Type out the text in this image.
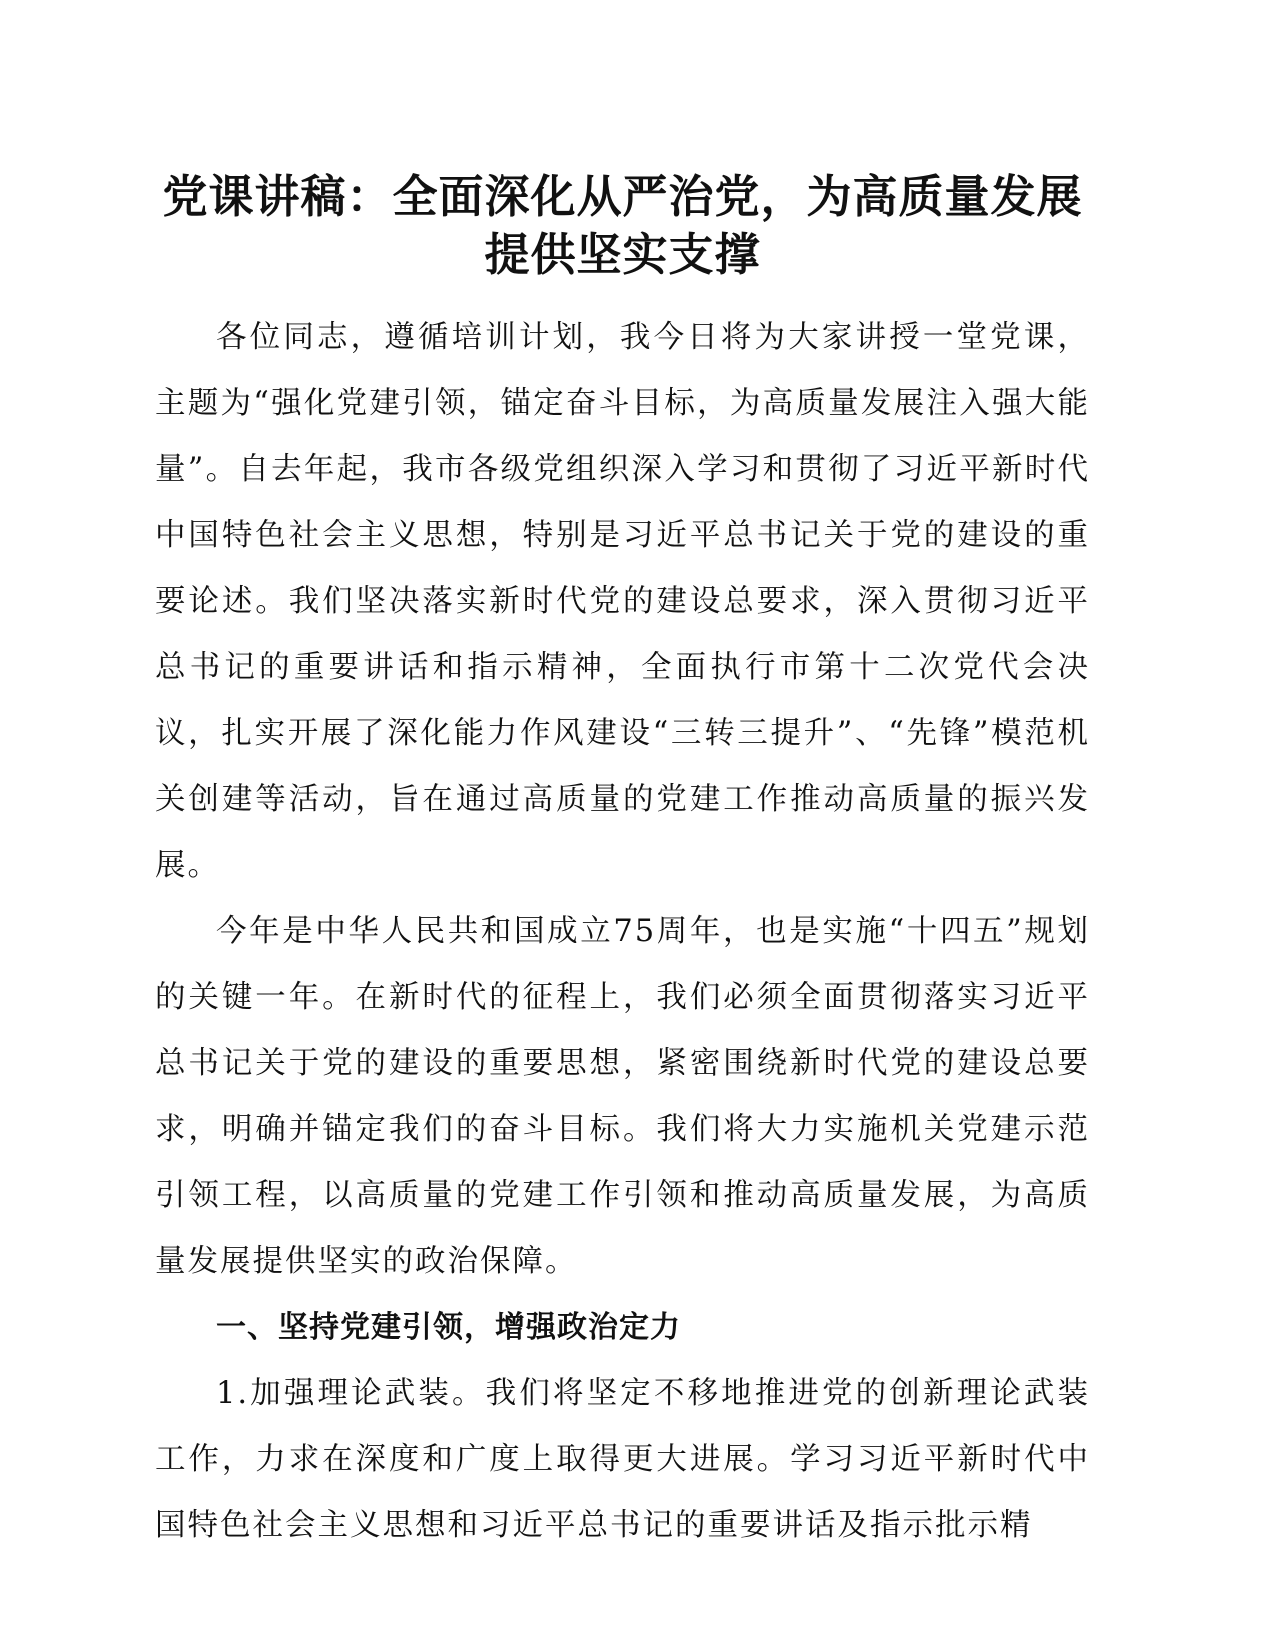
党课讲稿：全面深化从严治党，为高质量发展
提供坚实支撑

各位同志，遵循培训计划，我今日将为大家讲授一堂党课，主题为“强化党建引领，锚定奋斗目标，为高质量发展注入强大能量”。自去年起，我市各级党组织深入学习和贯彻了习近平新时代中国特色社会主义思想，特别是习近平总书记关于党的建设的重要论述。我们坚决落实新时代党的建设总要求，深入贯彻习近平总书记的重要讲话和指示精神，全面执行市第十二次党代会决议，扎实开展了深化能力作风建设“三转三提升”、“先锋”模范机关创建等活动，旨在通过高质量的党建工作推动高质量的振兴发展。

今年是中华人民共和国成立75周年，也是实施“十四五”规划的关键一年。在新时代的征程上，我们必须全面贯彻落实习近平总书记关于党的建设的重要思想，紧密围绕新时代党的建设总要求，明确并锚定我们的奋斗目标。我们将大力实施机关党建示范引领工程，以高质量的党建工作引领和推动高质量发展，为高质量发展提供坚实的政治保障。

一、坚持党建引领，增强政治定力

1.加强理论武装。我们将坚定不移地推进党的创新理论武装工作，力求在深度和广度上取得更大进展。学习习近平新时代中国特色社会主义思想和习近平总书记的重要讲话及指示批示精
